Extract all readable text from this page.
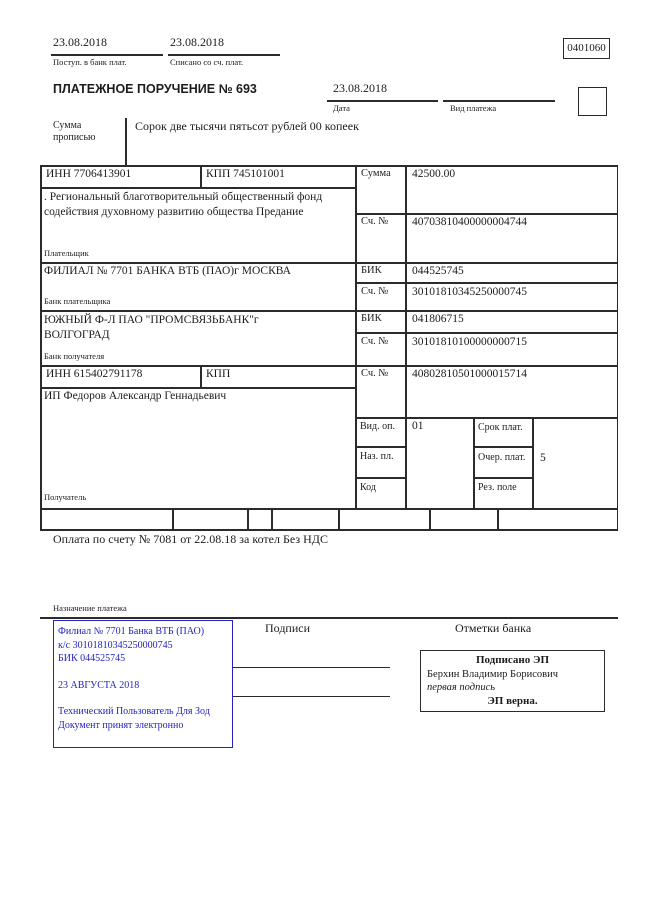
23.08.2018
Поступ. в банк плат.
23.08.2018
Списано со сч. плат.
0401060
ПЛАТЕЖНОЕ ПОРУЧЕНИЕ № 693	23.08.2018
Дата	Вид платежа
Сумма прописью
Сорок две тысячи пятьсот рублей 00 копеек
ИНН 7706413901	КПП 745101001	Сумма 42500.00
. Региональный благотворительный общественный фонд содействия духовному развитию общества Предание
Сч. № 40703810400000004744
Плательщик
ФИЛИАЛ № 7701 БАНКА ВТБ (ПАО)г МОСКВА	БИК	044525745
Сч. № 30101810345250000745
Банк плательщика
ЮЖНЫЙ Ф-Л ПАО "ПРОМСВЯЗЬБАНК"г ВОЛГОГРАД
БИК	041806715
Сч. № 30101810100000000715
Банк получателя
ИНН 615402791178	КПП	Сч. № 40802810501000015714
ИП Федоров Александр Геннадьевич
Получатель
Вид. оп. 01	Срок плат.
Наз. пл.	Очер. плат. 5
Код	Рез. поле
Оплата по счету № 7081 от 22.08.18 за котел Без НДС
Назначение платежа
Филиал № 7701 Банка ВТБ (ПАО)
к/с 30101810345250000745
БИК 044525745
23 АВГУСТА 2018
Технический Пользователь Для Зод
Документ принят электронно
Подписи	Отметки банка
Подписано ЭП
Берхин Владимир Борисович
первая подпись
ЭП верна.
